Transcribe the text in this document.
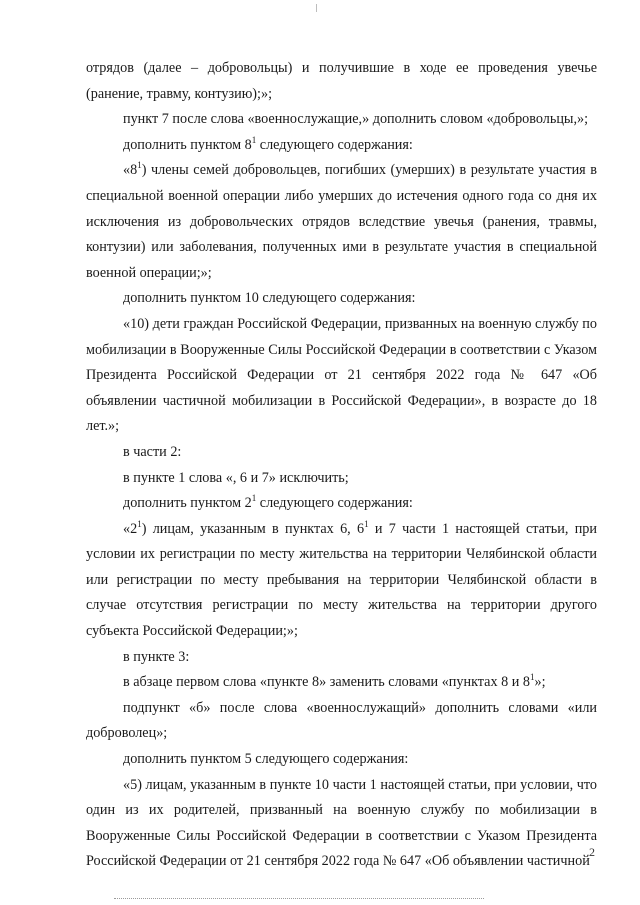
отрядов (далее – добровольцы) и получившие в ходе ее проведения увечье (ранение, травму, контузию);»;

пункт 7 после слова «военнослужащие,» дополнить словом «добровольцы,»;

дополнить пунктом $8^1$ следующего содержания:

«$8^1$) члены семей добровольцев, погибших (умерших) в результате участия в специальной военной операции либо умерших до истечения одного года со дня их исключения из добровольческих отрядов вследствие увечья (ранения, травмы, контузии) или заболевания, полученных ими в результате участия в специальной военной операции;»;

дополнить пунктом 10 следующего содержания:

«10) дети граждан Российской Федерации, призванных на военную службу по мобилизации в Вооруженные Силы Российской Федерации в соответствии с Указом Президента Российской Федерации от 21 сентября 2022 года № 647 «Об объявлении частичной мобилизации в Российской Федерации», в возрасте до 18 лет.»;

в части 2:

в пункте 1 слова «, 6 и 7» исключить;

дополнить пунктом $2^1$ следующего содержания:

«$2^1$) лицам, указанным в пунктах 6, $6^1$ и 7 части 1 настоящей статьи, при условии их регистрации по месту жительства на территории Челябинской области или регистрации по месту пребывания на территории Челябинской области в случае отсутствия регистрации по месту жительства на территории другого субъекта Российской Федерации;»;

в пункте 3:

в абзаце первом слова «пункте 8» заменить словами «пунктах 8 и $8^1$»;

подпункт «б» после слова «военнослужащий» дополнить словами «или доброволец»;

дополнить пунктом 5 следующего содержания:

«5) лицам, указанным в пункте 10 части 1 настоящей статьи, при условии, что один из их родителей, призванный на военную службу по мобилизации в Вооруженные Силы Российской Федерации в соответствии с Указом Президента Российской Федерации от 21 сентября 2022 года № 647 «Об объявлении частичной

2
